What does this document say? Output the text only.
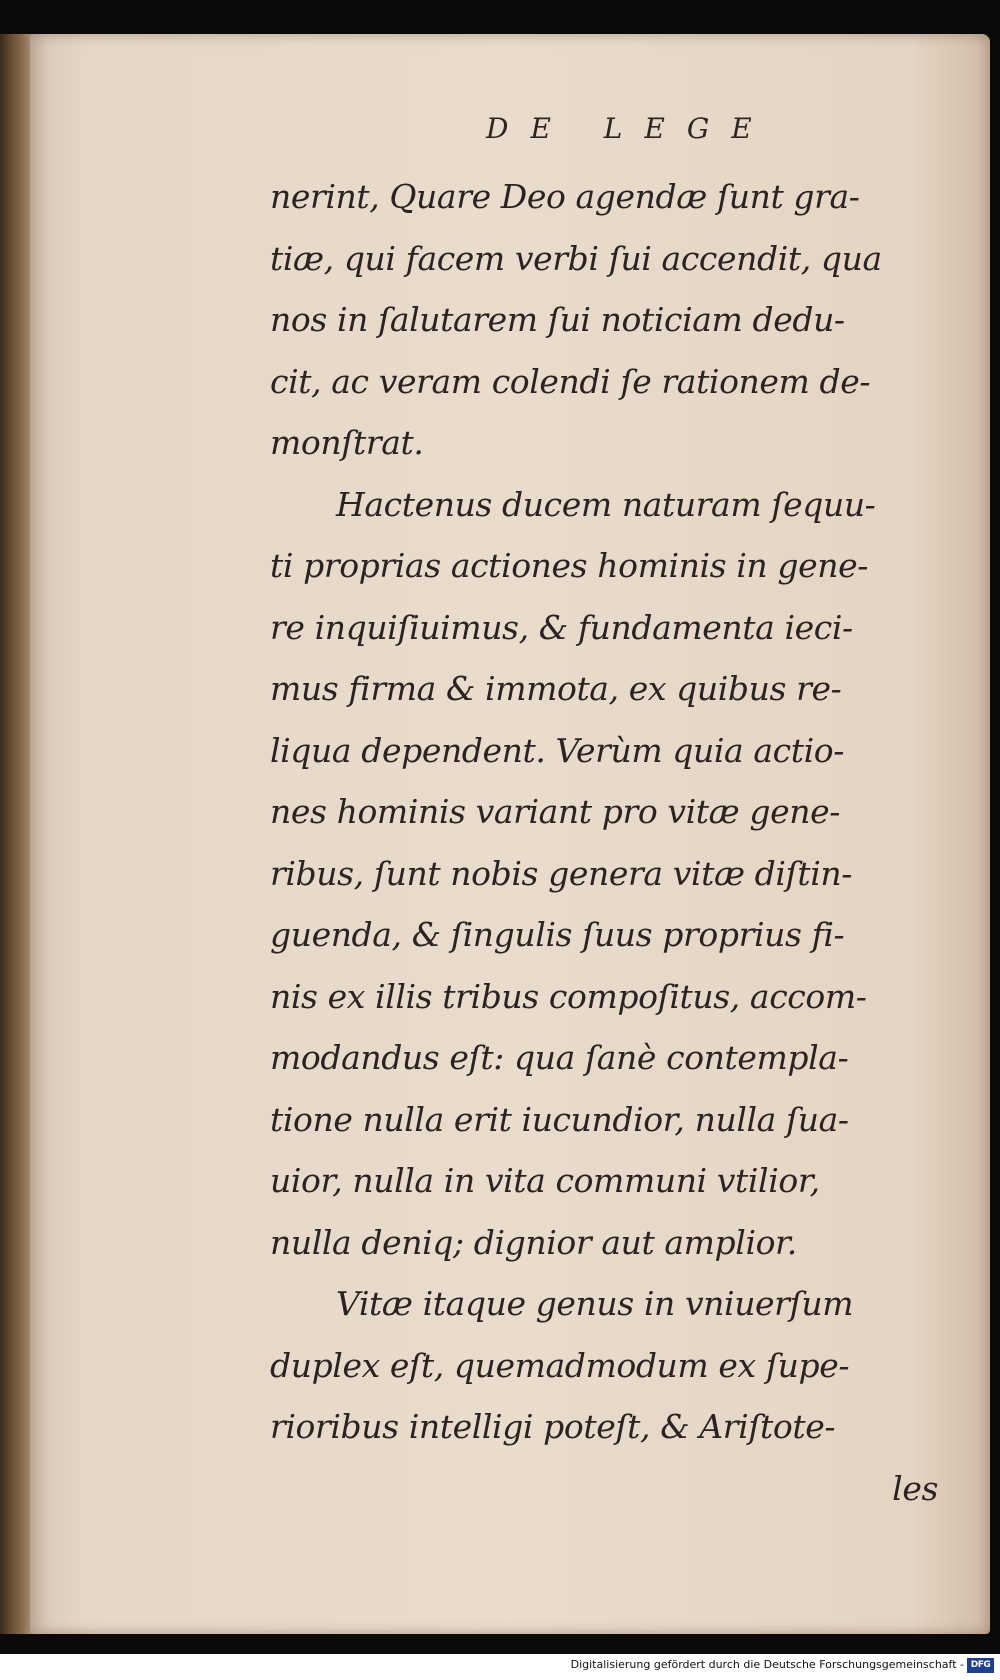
DE LEGE
nerint, Quare Deo agendæ ſunt gra-
tiæ, qui facem verbi ſui accendit, qua
nos in ſalutarem ſui noticiam dedu-
cit, ac veram colendi ſe rationem de-
monſtrat.
Hactenus ducem naturam ſequu-
ti proprias actiones hominis in gene-
re inquiſiuimus, & fundamenta ieci-
mus firma & immota, ex quibus re-
liqua dependent. Verùm quia actio-
nes hominis variant pro vitæ gene-
ribus, ſunt nobis genera vitæ diſtin-
guenda, & ſingulis ſuus proprius fi-
nis ex illis tribus compoſitus, accom-
modandus eſt: qua ſanè contempla-
tione nulla erit iucundior, nulla ſua-
uior, nulla in vita communi vtilior,
nulla deniq; dignior aut amplior.
Vitæ itaque genus in vniuerſum
duplex eſt, quemadmodum ex ſupe-
rioribus intelligi poteſt, & Ariſtote-
les
Digitalisierung gefördert durch die Deutsche Forschungsgemeinschaft - DFG
